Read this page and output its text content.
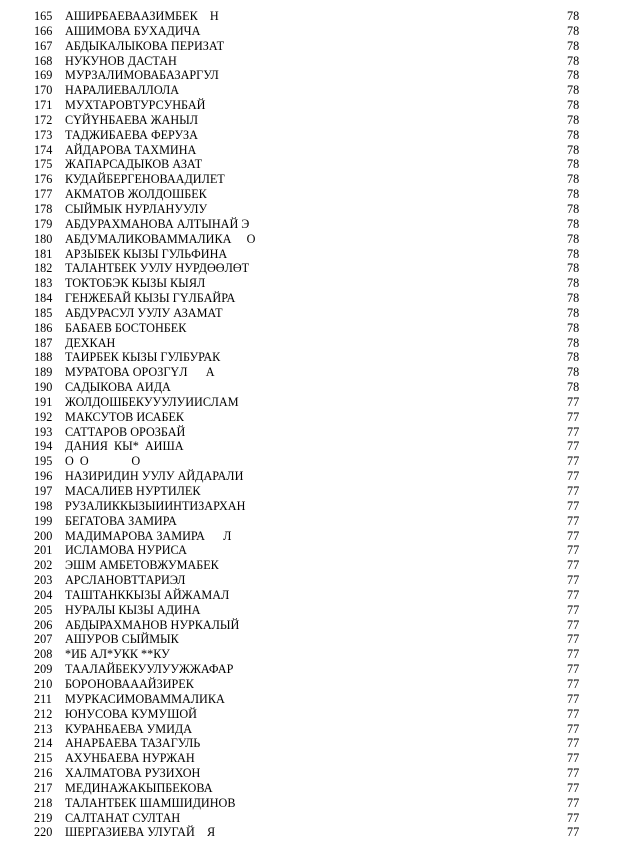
165 АШИРБАЕВААЗИМБЕК    Н	78
166 АШИМОВА БУХАДИЧА	78
167 АБДЫКАЛЫКОВА ПЕРИЗАТ	78
168 НУКУНОВ ДАСТАН	78
169 МУРЗАЛИМОВАБАЗАРГУЛ	78
170 НАРАЛИЕВАЛЛОЛА	78
171 МУХТАРОВТУРСУНБАЙ	78
172 СҮЙҮНБАЕВА ЖАНЫЛ	78
173 ТАДЖИБАЕВА ФЕРУЗА	78
174 АЙДАРОВА ТАХМИНА	78
175 ЖАПАРСАДЫКОВ АЗАТ	78
176 КУДАЙБЕРГЕНОВААДИЛЕТ	78
177 АКМАТОВ ЖОЛДОШБЕК	78
178 СЫЙМЫК НУРЛАНУУЛУ	78
179 АБДУРАХМАНОВА АЛТЫНАЙ Э	78
180 АБДУМАЛИКОВАММАЛИКА     О	78
181 АРЗЫБЕК КЫЗЫ ГУЛЬФИНА	78
182 ТАЛАНТБЕК УУЛУ НУРДӨӨЛӨТ	78
183 ТОКТОБЭК КЫЗЫ КЫЯЛ	78
184 ГЕНЖЕБАЙ КЫЗЫ ГҮЛБАЙРА	78
185 АБДУРАСУЛ УУЛУ АЗАМАТ	78
186 БАБАЕВ БОСТОНБЕК	78
187 ДЕХКАН	78
188 ТАИРБЕК КЫЗЫ ГУЛБУРАК	78
189 МУРАТОВА ОРОЗГҮЛ      А	78
190 САДЫКОВА АИДА	78
191 ЖОЛДОШБЕКУУУЛУИИСЛАМ	77
192 МАКСУТОВ ИСАБЕК	77
193 САТТАРОВ ОРОЗБАЙ	77
194 ДАНИЯ  КЫ*  АИША	77
195 О  О              О	77
196 НАЗИРИДИН УУЛУ АЙДАРАЛИ	77
197 МАСАЛИЕВ НУРТИЛЕК	77
198 РУЗАЛИККЫЗЫИИНТИЗАРХАН	77
199 БЕГАТОВА ЗАМИРА	77
200 МАДИМАРОВА ЗАМИРА      Л	77
201 ИСЛАМОВА НУРИСА	77
202 ЭШМ АМБЕТОВЖУМАБЕК	77
203 АРСЛАНОВТТАРИЭЛ	77
204 ТАШТАНККЫЗЫ АЙЖАМАЛ	77
205 НУРАЛЫ КЫЗЫ АДИНА	77
206 АБДЫРАХМАНОВ НУРКАЛЫЙ	77
207 АШУРОВ СЫЙМЫК	77
208 *ИБ АЛ*УКК **КУ	77
209 ТААЛАЙБЕКУУЛУУЖЖАФАР	77
210 БОРОНОВАААЙЗИРЕК	77
211 МУРКАСИМОВАММАЛИКА	77
212 ЮНУСОВА КУМУШОЙ	77
213 КУРАНБАЕВА УМИДА	77
214 АНАРБАЕВА ТАЗАГУЛЬ	77
215 АХУНБАЕВА НУРЖАН	77
216 ХАЛМАТОВА РУЗИХОН	77
217 МЕДИНАЖАКЫПБЕКОВА	77
218 ТАЛАНТБЕК ШАМШИДИНОВ	77
219 САЛТАНАТ СУЛТАН	77
220 ШЕРГАЗИЕВА УЛУГАЙ    Я	77
